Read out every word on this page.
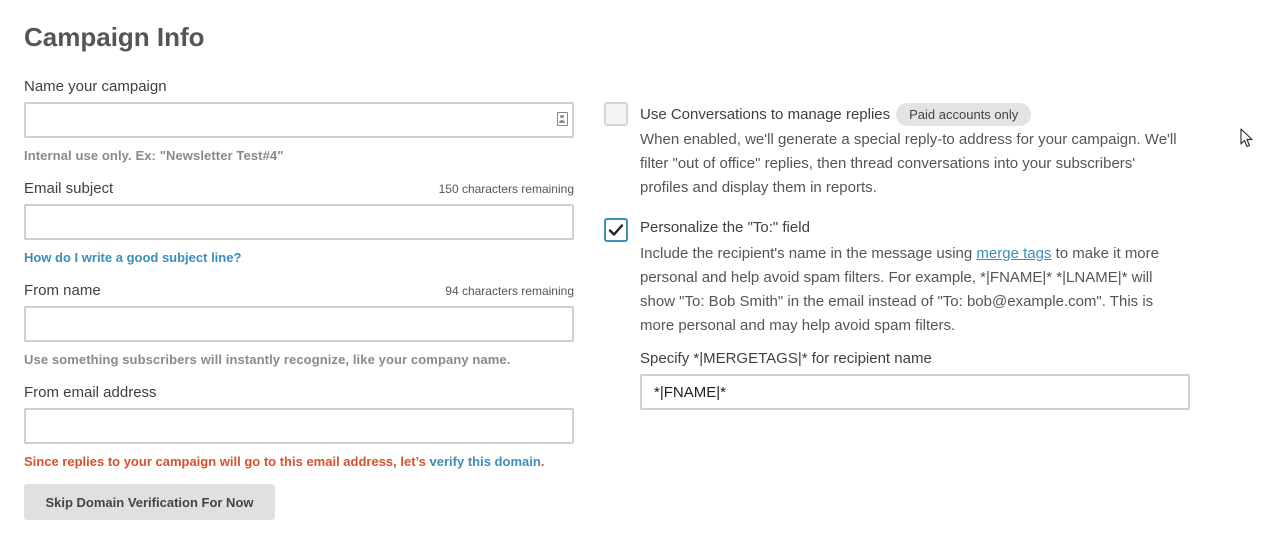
Campaign Info
Name your campaign
Internal use only. Ex: "Newsletter Test#4"
Email subject	150 characters remaining
How do I write a good subject line?
From name	94 characters remaining
Use something subscribers will instantly recognize, like your company name.
From email address
Since replies to your campaign will go to this email address, let’s verify this domain.
Skip Domain Verification For Now
Use Conversations to manage replies	Paid accounts only

When enabled, we'll generate a special reply-to address for your campaign. We'll filter "out of office" replies, then thread conversations into your subscribers' profiles and display them in reports.

Personalize the "To:" field

Include the recipient's name in the message using merge tags to make it more personal and help avoid spam filters. For example, *|FNAME|* *|LNAME|* will show "To: Bob Smith" in the email instead of "To: bob@example.com". This is more personal and may help avoid spam filters.

Specify *|MERGETAGS|* for recipient name
*|FNAME|*
